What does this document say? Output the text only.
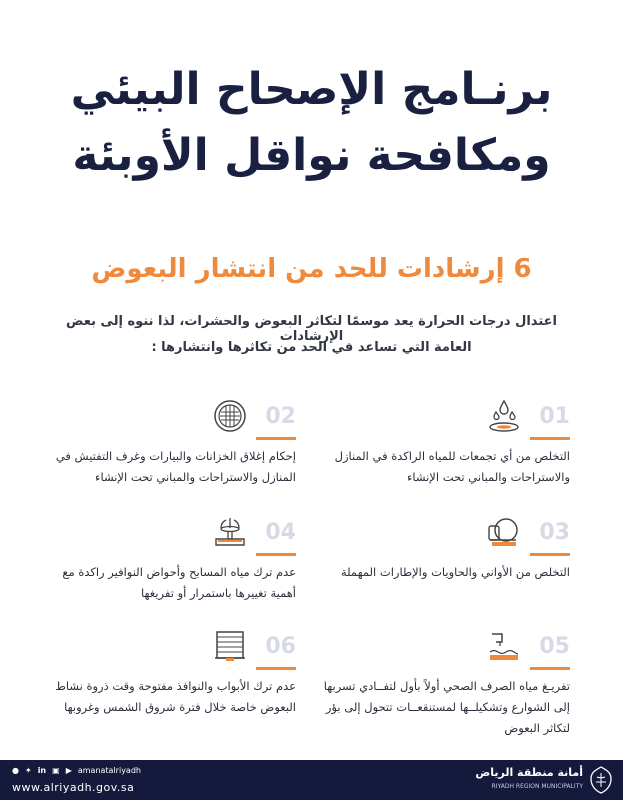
برنـامج الإصحاح البيئي
ومكافحة نواقل الأوبئة
6 إرشادات للحد من انتشار البعوض
اعتدال درجات الحرارة يعد موسمًا لتكاثر البعوض والحشرات، لذا ننوه إلى بعض الإرشادات
العامة التي تساعد في الحد من تكاثرها وانتشارها :
01
التخلص من أي تجمعات للمياه الراكدة في المنازل والاستراحات والمباني تحت الإنشاء
02
إحكام إغلاق الخزانات والبيارات وغرف التفتيش في المنازل والاستراحات والمباني تحت الإنشاء
03
التخلص من الأواني والحاويات والإطارات المهملة
04
عدم ترك مياه المسابح وأحواض النوافير راكدة مع أهمية تغييرها باستمرار أو تفريغها
05
تفريـغ مياه الصرف الصحي أولاً بأول لتفــادي تسربها إلى الشوارع وتشكيلــها لمستنقعــات تتحول إلى بؤر لتكاثر البعوض
06
عدم ترك الأبواب والنوافذ مفتوحة وقت ذروة نشاط البعوض خاصة خلال فترة شروق الشمس وغروبها
● ✦ in ▣ ▶ amanatalriyadh
www.alriyadh.gov.sa
أمانة منطقة الرياض
RIYADH REGION MUNICIPALITY
